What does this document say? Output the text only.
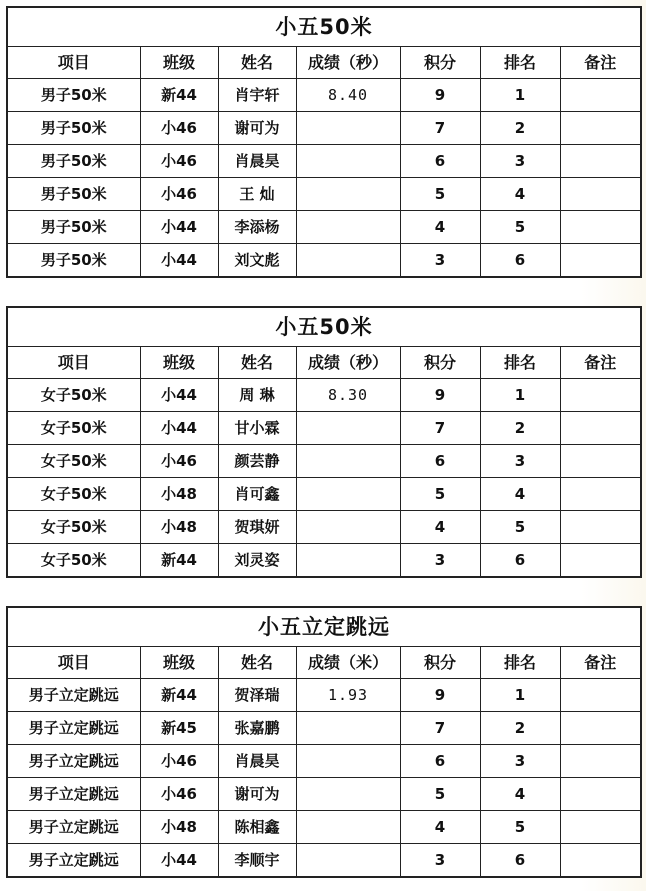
小五50米						
项目	班级	姓名	成绩（秒）	积分	排名	备注
男子50米	新44	肖宇轩	8.40	9	1	
男子50米	小46	谢可为		7	2	
男子50米	小46	肖晨昊		6	3	
男子50米	小46	王 灿		5	4	
男子50米	小44	李添杨		4	5	
男子50米	小44	刘文彪		3	6	
小五50米						
项目	班级	姓名	成绩（秒）	积分	排名	备注
女子50米	小44	周 琳	8.30	9	1	
女子50米	小44	甘小霖		7	2	
女子50米	小46	颜芸静		6	3	
女子50米	小48	肖可鑫		5	4	
女子50米	小48	贺琪妍		4	5	
女子50米	新44	刘灵姿		3	6	
小五立定跳远						
项目	班级	姓名	成绩（米）	积分	排名	备注
男子立定跳远	新44	贺泽瑞	1.93	9	1	
男子立定跳远	新45	张嘉鹏		7	2	
男子立定跳远	小46	肖晨昊		6	3	
男子立定跳远	小46	谢可为		5	4	
男子立定跳远	小48	陈相鑫		4	5	
男子立定跳远	小44	李顺宇		3	6	
